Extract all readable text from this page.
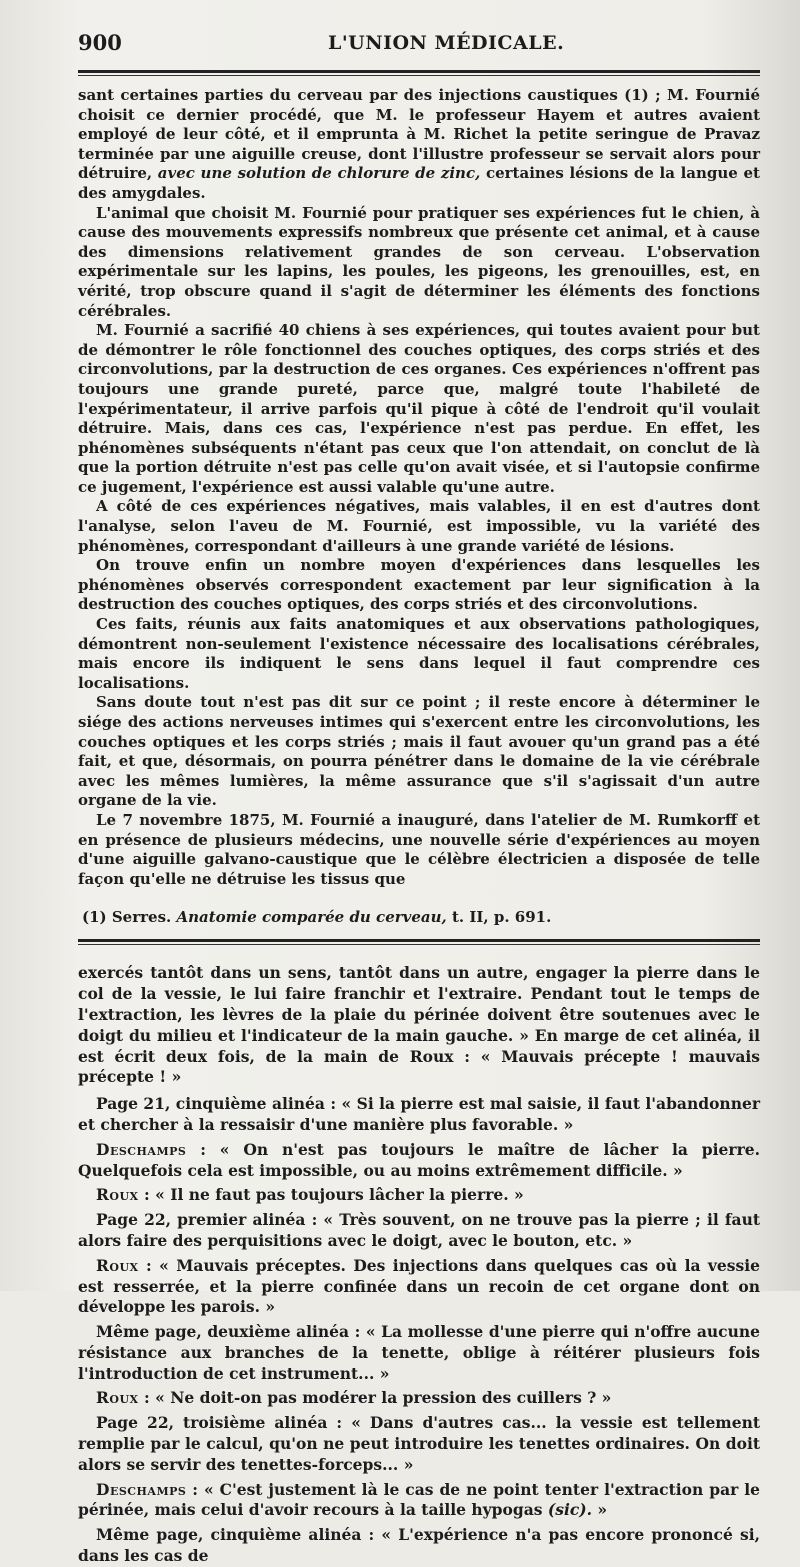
900	L'UNION MÉDICALE.

sant certaines parties du cerveau par des injections caustiques (1) ; M. Fournié choisit ce dernier procédé, que M. le professeur Hayem et autres avaient employé de leur côté, et il emprunta à M. Richet la petite seringue de Pravaz terminée par une aiguille creuse, dont l'illustre professeur se servait alors pour détruire, avec une solution de chlorure de zinc, certaines lésions de la langue et des amygdales.

L'animal que choisit M. Fournié pour pratiquer ses expériences fut le chien, à cause des mouvements expressifs nombreux que présente cet animal, et à cause des dimensions relativement grandes de son cerveau. L'observation expérimentale sur les lapins, les poules, les pigeons, les grenouilles, est, en vérité, trop obscure quand il s'agit de déterminer les éléments des fonctions cérébrales.

M. Fournié a sacrifié 40 chiens à ses expériences, qui toutes avaient pour but de démontrer le rôle fonctionnel des couches optiques, des corps striés et des circonvolutions, par la destruction de ces organes. Ces expériences n'offrent pas toujours une grande pureté, parce que, malgré toute l'habileté de l'expérimentateur, il arrive parfois qu'il pique à côté de l'endroit qu'il voulait détruire. Mais, dans ces cas, l'expérience n'est pas perdue. En effet, les phénomènes subséquents n'étant pas ceux que l'on attendait, on conclut de là que la portion détruite n'est pas celle qu'on avait visée, et si l'autopsie confirme ce jugement, l'expérience est aussi valable qu'une autre.

A côté de ces expériences négatives, mais valables, il en est d'autres dont l'analyse, selon l'aveu de M. Fournié, est impossible, vu la variété des phénomènes, correspondant d'ailleurs à une grande variété de lésions.

On trouve enfin un nombre moyen d'expériences dans lesquelles les phénomènes observés correspondent exactement par leur signification à la destruction des couches optiques, des corps striés et des circonvolutions.

Ces faits, réunis aux faits anatomiques et aux observations pathologiques, démontrent non-seulement l'existence nécessaire des localisations cérébrales, mais encore ils indiquent le sens dans lequel il faut comprendre ces localisations.

Sans doute tout n'est pas dit sur ce point ; il reste encore à déterminer le siége des actions nerveuses intimes qui s'exercent entre les circonvolutions, les couches optiques et les corps striés ; mais il faut avouer qu'un grand pas a été fait, et que, désormais, on pourra pénétrer dans le domaine de la vie cérébrale avec les mêmes lumières, la même assurance que s'il s'agissait d'un autre organe de la vie.

Le 7 novembre 1875, M. Fournié a inauguré, dans l'atelier de M. Rumkorff et en présence de plusieurs médecins, une nouvelle série d'expériences au moyen d'une aiguille galvano-caustique que le célèbre électricien a disposée de telle façon qu'elle ne détruise les tissus que

(1) Serres. Anatomie comparée du cerveau, t. II, p. 691.

exercés tantôt dans un sens, tantôt dans un autre, engager la pierre dans le col de la vessie, le lui faire franchir et l'extraire. Pendant tout le temps de l'extraction, les lèvres de la plaie du périnée doivent être soutenues avec le doigt du milieu et l'indicateur de la main gauche. » En marge de cet alinéa, il est écrit deux fois, de la main de Roux : « Mauvais précepte ! mauvais précepte ! »

Page 21, cinquième alinéa : « Si la pierre est mal saisie, il faut l'abandonner et chercher à la ressaisir d'une manière plus favorable. »

Deschamps : « On n'est pas toujours le maître de lâcher la pierre. Quelquefois cela est impossible, ou au moins extrêmement difficile. »

Roux : « Il ne faut pas toujours lâcher la pierre. »

Page 22, premier alinéa : « Très souvent, on ne trouve pas la pierre ; il faut alors faire des perquisitions avec le doigt, avec le bouton, etc. »

Roux : « Mauvais préceptes. Des injections dans quelques cas où la vessie est resserrée, et la pierre confinée dans un recoin de cet organe dont on développe les parois. »

Même page, deuxième alinéa : « La mollesse d'une pierre qui n'offre aucune résistance aux branches de la tenette, oblige à réitérer plusieurs fois l'introduction de cet instrument... »

Roux : « Ne doit-on pas modérer la pression des cuillers ? »

Page 22, troisième alinéa : « Dans d'autres cas... la vessie est tellement remplie par le calcul, qu'on ne peut introduire les tenettes ordinaires. On doit alors se servir des tenettes-forceps... »

Deschamps : « C'est justement là le cas de ne point tenter l'extraction par le périnée, mais celui d'avoir recours à la taille hypogas (sic). »

Même page, cinquième alinéa : « L'expérience n'a pas encore prononcé si, dans les cas de
